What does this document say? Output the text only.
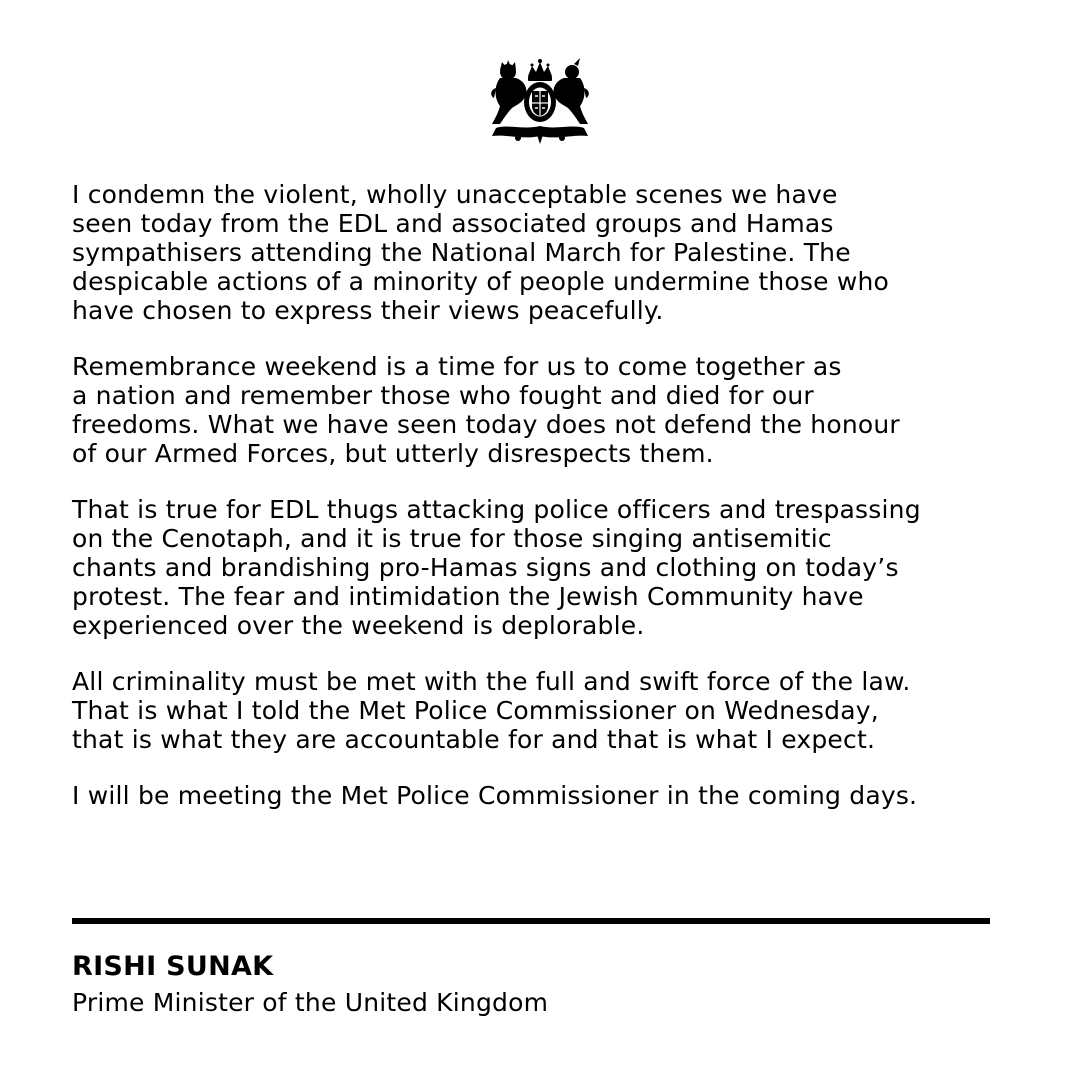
I condemn the violent, wholly unacceptable scenes we have
seen today from the EDL and associated groups and Hamas
sympathisers attending the National March for Palestine. The
despicable actions of a minority of people undermine those who
have chosen to express their views peacefully.

Remembrance weekend is a time for us to come together as
a nation and remember those who fought and died for our
freedoms. What we have seen today does not defend the honour
of our Armed Forces, but utterly disrespects them.

That is true for EDL thugs attacking police officers and trespassing
on the Cenotaph, and it is true for those singing antisemitic
chants and brandishing pro-Hamas signs and clothing on today’s
protest. The fear and intimidation the Jewish Community have
experienced over the weekend is deplorable.

All criminality must be met with the full and swift force of the law.
That is what I told the Met Police Commissioner on Wednesday,
that is what they are accountable for and that is what I expect.

I will be meeting the Met Police Commissioner in the coming days.

RISHI SUNAK
Prime Minister of the United Kingdom
